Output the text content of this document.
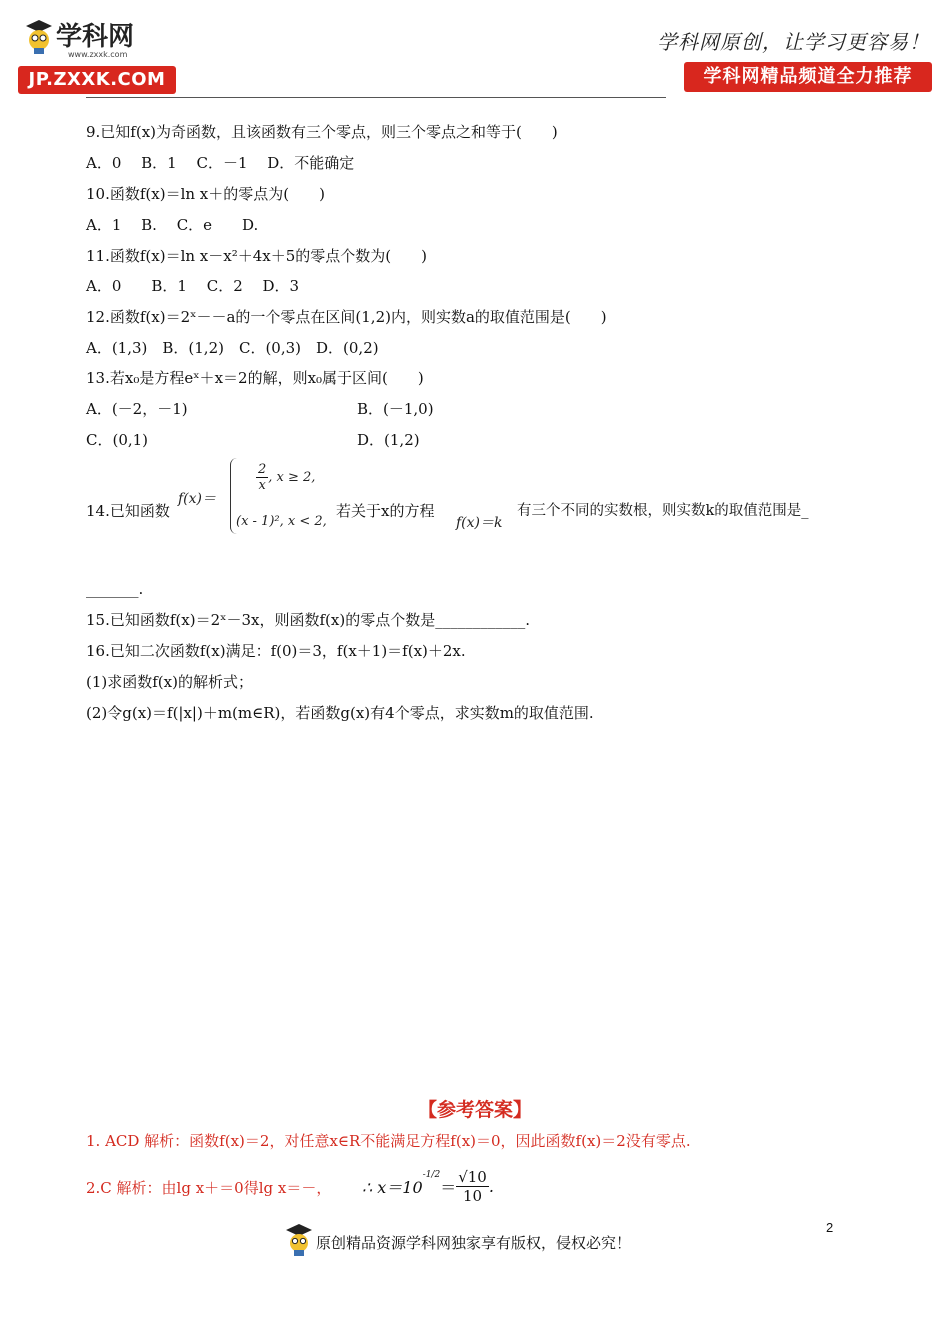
学科网
www.zxxk.com
JP.ZXXK.COM
学科网原创，让学习更容易！
学科网精品频道全力推荐
9.已知f(x)为奇函数，且该函数有三个零点，则三个零点之和等于(　　)
A．0　 B．1　 C．－1　 D．不能确定
10.函数f(x)＝ln x＋的零点为(　　)
A．1　 B.　 C．e　　D.
11.函数f(x)＝ln x－x²＋4x＋5的零点个数为(　　)
A．0　　B．1　 C．2　 D．3
12.函数f(x)＝2ˣ－－a的一个零点在区间(1,2)内，则实数a的取值范围是(　　)
A．(1,3)　B．(1,2)　C．(0,3)　D．(0,2)
13.若x₀是方程eˣ＋x＝2的解，则x₀属于区间(　　)
A．(－2，－1)	B．(－1,0)
C．(0,1)	D．(1,2)
14.已知函数
f(x)＝
$\frac{2}{x}$ , x ≥ 2,
(x - 1)², x < 2,
若关于x的方程
f(x)＝k
有三个不同的实数根，则实数k的取值范围是_
_______.
15.已知函数f(x)＝2ˣ－3x，则函数f(x)的零点个数是____________.
16.已知二次函数f(x)满足：f(0)＝3，f(x＋1)＝f(x)＋2x.
(1)求函数f(x)的解析式；
(2)令g(x)＝f(|x|)＋m(m∈R)，若函数g(x)有4个零点，求实数m的取值范围.
【参考答案】
1. ACD 解析：函数f(x)＝2，对任意x∈R不能满足方程f(x)＝0，因此函数f(x)＝2没有零点.
2.C 解析：由lg x＋＝0得lg x＝－， ∴ $x=10^{-1/2}= \frac{√10}{10}$ .
原创精品资源学科网独家享有版权，侵权必究！
2
